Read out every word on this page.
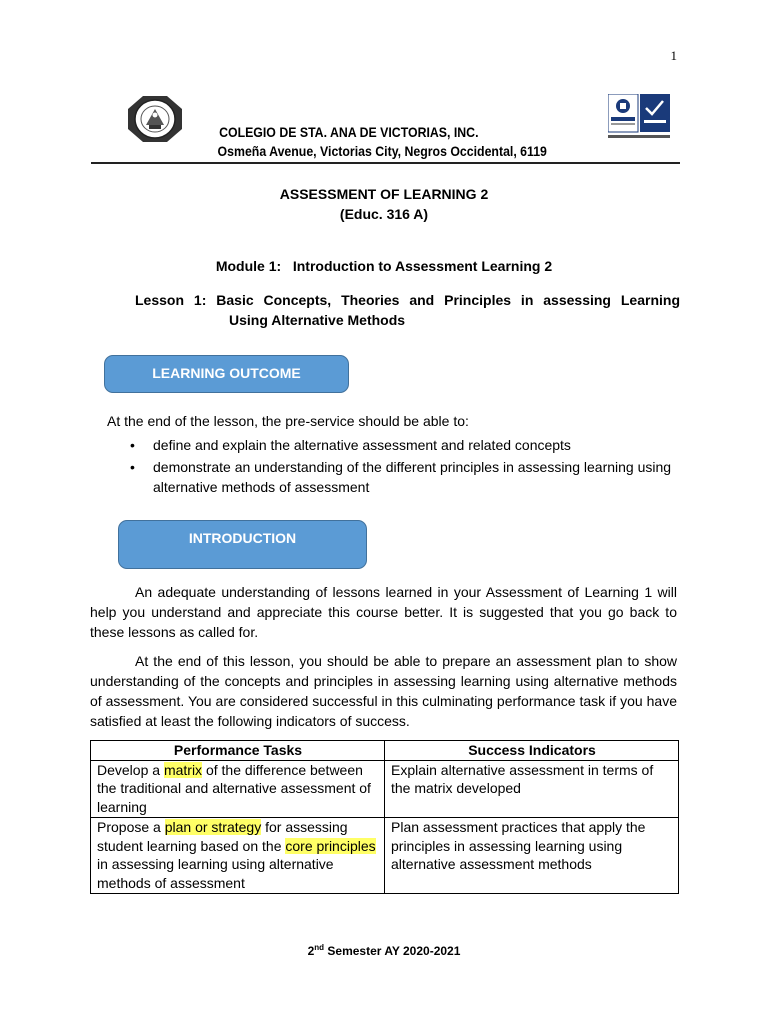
1
COLEGIO DE STA. ANA DE VICTORIAS, INC.
Osmeña Avenue, Victorias City, Negros Occidental, 6119
ASSESSMENT OF LEARNING 2
(Educ. 316 A)
Module 1:   Introduction to Assessment Learning 2
Lesson 1: Basic Concepts, Theories and Principles in assessing Learning
Using Alternative Methods
LEARNING OUTCOME
At the end of the lesson, the pre-service should be able to:
• define and explain the alternative assessment and related concepts
• demonstrate an understanding of the different principles in assessing learning using alternative methods of assessment
INTRODUCTION

An adequate understanding of lessons learned in your Assessment of Learning 1 will help you understand and appreciate this course better. It is suggested that you go back to these lessons as called for.

At the end of this lesson, you should be able to prepare an assessment plan to show understanding of the concepts and principles in assessing learning using alternative methods of assessment. You are considered successful in this culminating performance task if you have satisfied at least the following indicators of success.

Performance Tasks	Success Indicators
Develop a matrix of the difference between the traditional and alternative assessment of learning	Explain alternative assessment in terms of the matrix developed
Propose a plan or strategy for assessing student learning based on the core principles in assessing learning using alternative methods of assessment	Plan assessment practices that apply the principles in assessing learning using alternative assessment methods
2nd Semester AY 2020-2021
